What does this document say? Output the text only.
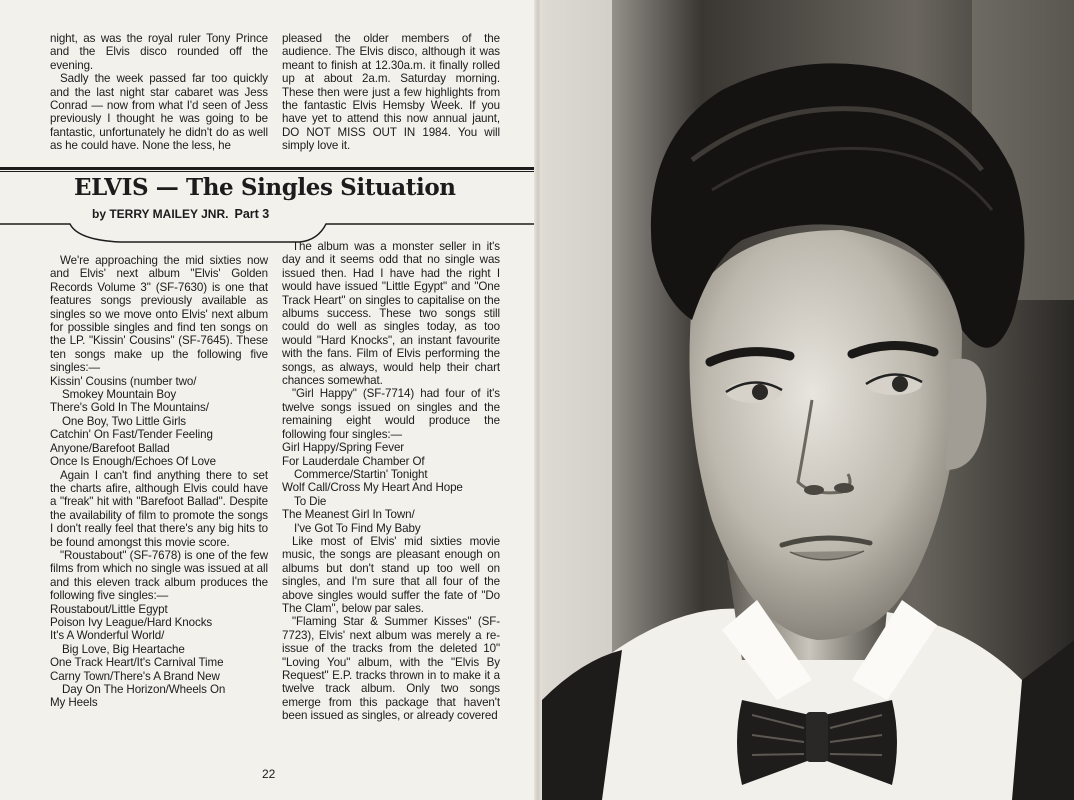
night, as was the royal ruler Tony Prince and the Elvis disco rounded off the evening.

Sadly the week passed far too quickly and the last night star cabaret was Jess Conrad — now from what I'd seen of Jess previously I thought he was going to be fantastic, unfortunately he didn't do as well as he could have. None the less, he

pleased the older members of the audience. The Elvis disco, although it was meant to finish at 12.30a.m. it finally rolled up at about 2a.m. Saturday morning. These then were just a few highlights from the fantastic Elvis Hemsby Week. If you have yet to attend this now annual jaunt, DO NOT MISS OUT IN 1984. You will simply love it.

ELVIS — The Singles Situation
by TERRY MAILEY JNR. Part 3

We're approaching the mid sixties now and Elvis' next album "Elvis' Golden Records Volume 3" (SF-7630) is one that features songs previously available as singles so we move onto Elvis' next album for possible singles and find ten songs on the LP. "Kissin' Cousins" (SF-7645). These ten songs make up the following five singles:—

Kissin' Cousins (number two/
Smokey Mountain Boy
There's Gold In The Mountains/
One Boy, Two Little Girls
Catchin' On Fast/Tender Feeling
Anyone/Barefoot Ballad
Once Is Enough/Echoes Of Love

Again I can't find anything there to set the charts afire, although Elvis could have a "freak" hit with "Barefoot Ballad". Despite the availability of film to promote the songs I don't really feel that there's any big hits to be found amongst this movie score.

"Roustabout" (SF-7678) is one of the few films from which no single was issued at all and this eleven track album produces the following five singles:—

Roustabout/Little Egypt
Poison Ivy League/Hard Knocks
It's A Wonderful World/
Big Love, Big Heartache
One Track Heart/It's Carnival Time
Carny Town/There's A Brand New
Day On The Horizon/Wheels On
My Heels

The album was a monster seller in it's day and it seems odd that no single was issued then. Had I have had the right I would have issued "Little Egypt" and "One Track Heart" on singles to capitalise on the albums success. These two songs still could do well as singles today, as too would "Hard Knocks", an instant favourite with the fans. Film of Elvis performing the songs, as always, would help their chart chances somewhat.

"Girl Happy" (SF-7714) had four of it's twelve songs issued on singles and the remaining eight would produce the following four singles:—

Girl Happy/Spring Fever
For Lauderdale Chamber Of
Commerce/Startin' Tonight
Wolf Call/Cross My Heart And Hope
To Die
The Meanest Girl In Town/
I've Got To Find My Baby

Like most of Elvis' mid sixties movie music, the songs are pleasant enough on albums but don't stand up too well on singles, and I'm sure that all four of the above singles would suffer the fate of "Do The Clam", below par sales.

"Flaming Star & Summer Kisses" (SF-7723), Elvis' next album was merely a re-issue of the tracks from the deleted 10" "Loving You" album, with the "Elvis By Request" E.P. tracks thrown in to make it a twelve track album. Only two songs emerge from this package that haven't been issued as singles, or already covered

22
